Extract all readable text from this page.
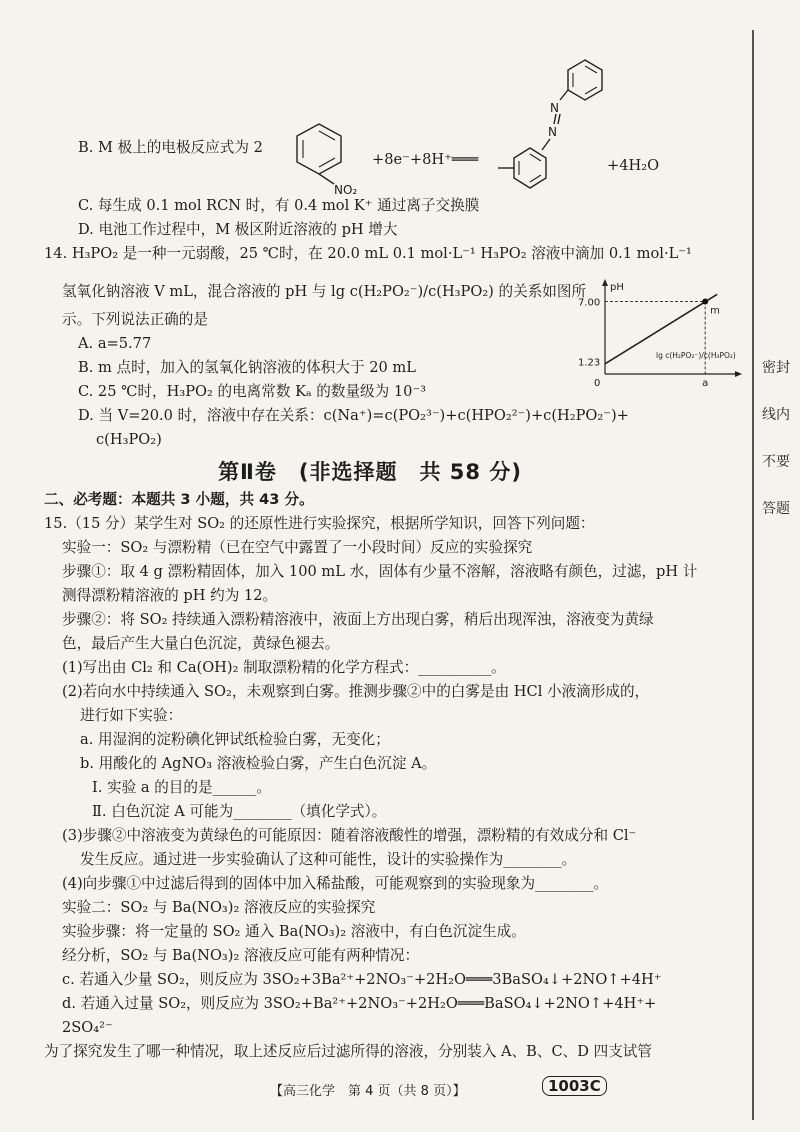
B. M 极上的电极反应式为 2
NO₂
+8e⁻+8H⁺═══
N
N
+4H₂O
C. 每生成 0.1 mol RCN 时，有 0.4 mol K⁺ 通过离子交换膜
D. 电池工作过程中，M 极区附近溶液的 pH 增大
14. H₃PO₂ 是一种一元弱酸，25 ℃时，在 20.0 mL 0.1 mol·L⁻¹ H₃PO₂ 溶液中滴加 0.1 mol·L⁻¹
氢氧化钠溶液 V mL，混合溶液的 pH 与 lg c(H₂PO₂⁻)/c(H₃PO₂) 的关系如图所
示。下列说法正确的是
A. a=5.77
B. m 点时，加入的氢氧化钠溶液的体积大于 20 mL
C. 25 ℃时，H₃PO₂ 的电离常数 Kₐ 的数量级为 10⁻³
D. 当 V=20.0 时，溶液中存在关系：c(Na⁺)=c(PO₂³⁻)+c(HPO₂²⁻)+c(H₂PO₂⁻)+
c(H₃PO₂)
pH
0
1.23
7.00
a
m
lg c(H₂PO₂⁻)/c(H₃PO₂)
第Ⅱ卷　(非选择题　共 58 分)
二、必考题：本题共 3 小题，共 43 分。
15.（15 分）某学生对 SO₂ 的还原性进行实验探究，根据所学知识，回答下列问题：
实验一：SO₂ 与漂粉精（已在空气中露置了一小段时间）反应的实验探究
步骤①：取 4 g 漂粉精固体，加入 100 mL 水，固体有少量不溶解，溶液略有颜色，过滤，pH 计
测得漂粉精溶液的 pH 约为 12。
步骤②：将 SO₂ 持续通入漂粉精溶液中，液面上方出现白雾，稍后出现浑浊，溶液变为黄绿
色，最后产生大量白色沉淀，黄绿色褪去。
(1)写出由 Cl₂ 和 Ca(OH)₂ 制取漂粉精的化学方程式：__________。
(2)若向水中持续通入 SO₂，未观察到白雾。推测步骤②中的白雾是由 HCl 小液滴形成的，
进行如下实验：
a. 用湿润的淀粉碘化钾试纸检验白雾，无变化；
b. 用酸化的 AgNO₃ 溶液检验白雾，产生白色沉淀 A。
Ⅰ. 实验 a 的目的是______。
Ⅱ. 白色沉淀 A 可能为________（填化学式）。
(3)步骤②中溶液变为黄绿色的可能原因：随着溶液酸性的增强，漂粉精的有效成分和 Cl⁻
发生反应。通过进一步实验确认了这种可能性，设计的实验操作为________。
(4)向步骤①中过滤后得到的固体中加入稀盐酸，可能观察到的实验现象为________。
实验二：SO₂ 与 Ba(NO₃)₂ 溶液反应的实验探究
实验步骤：将一定量的 SO₂ 通入 Ba(NO₃)₂ 溶液中，有白色沉淀生成。
经分析，SO₂ 与 Ba(NO₃)₂ 溶液反应可能有两种情况：
c. 若通入少量 SO₂，则反应为 3SO₂+3Ba²⁺+2NO₃⁻+2H₂O═══3BaSO₄↓+2NO↑+4H⁺
d. 若通入过量 SO₂，则反应为 3SO₂+Ba²⁺+2NO₃⁻+2H₂O═══BaSO₄↓+2NO↑+4H⁺+
2SO₄²⁻
为了探究发生了哪一种情况，取上述反应后过滤所得的溶液，分别装入 A、B、C、D 四支试管
密封线内不要答题
【高三化学　第 4 页（共 8 页）】	1003C
